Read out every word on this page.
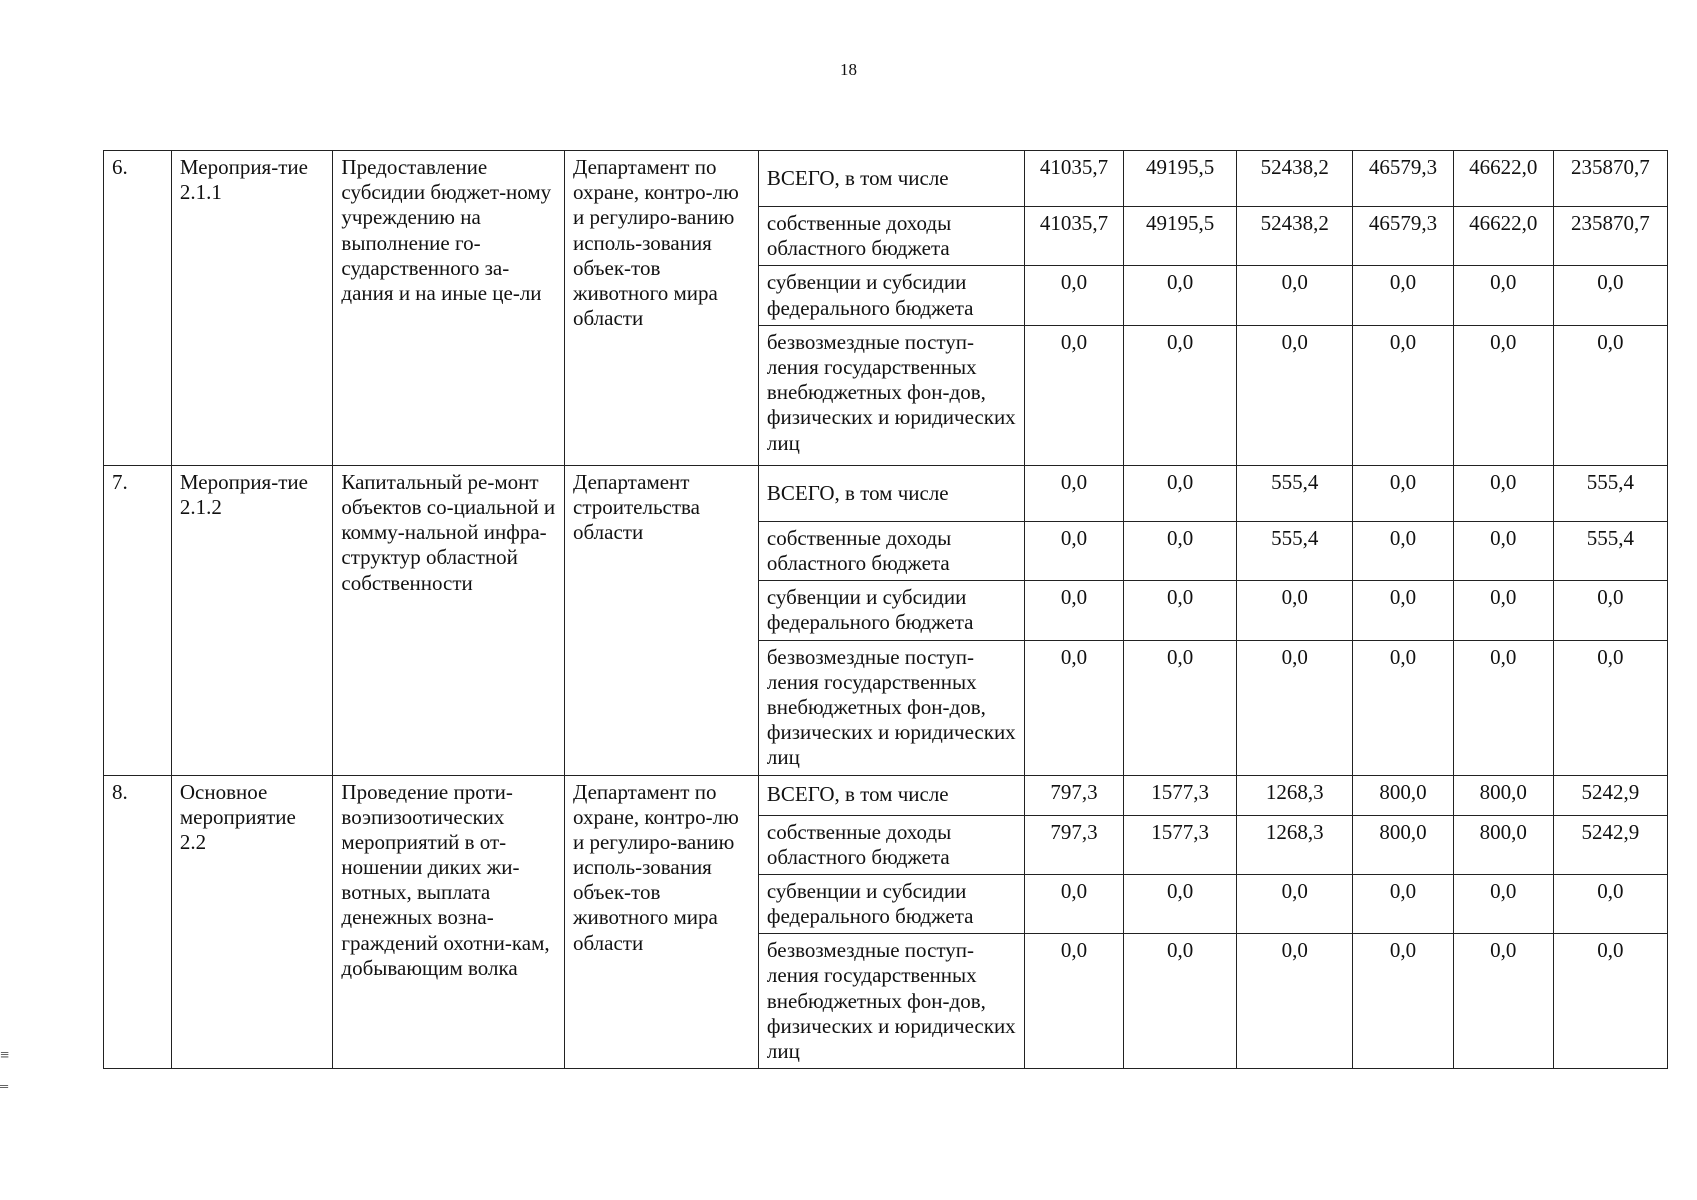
18
6.	Мероприя-тие 2.1.1	Предоставление субсидии бюджет-ному учреждению на выполнение го-сударственного за-дания и на иные це-ли	Департамент по охране, контро-лю и регулиро-ванию исполь-зования объек-тов животного мира области	ВСЕГО, в том числе	41035,7	49195,5	52438,2	46579,3	46622,0	235870,7
				собственные доходы областного бюджета	41035,7	49195,5	52438,2	46579,3	46622,0	235870,7
				субвенции и субсидии федерального бюджета	0,0	0,0	0,0	0,0	0,0	0,0
				безвозмездные поступ-ления государственных внебюджетных фон-дов, физических и юридических лиц	0,0	0,0	0,0	0,0	0,0	0,0
7.	Мероприя-тие 2.1.2	Капитальный ре-монт объектов со-циальной и комму-нальной инфра-структур областной собственности	Департамент строительства области	ВСЕГО, в том числе	0,0	0,0	555,4	0,0	0,0	555,4
				собственные доходы областного бюджета	0,0	0,0	555,4	0,0	0,0	555,4
				субвенции и субсидии федерального бюджета	0,0	0,0	0,0	0,0	0,0	0,0
				безвозмездные поступ-ления государственных внебюджетных фон-дов, физических и юридических лиц	0,0	0,0	0,0	0,0	0,0	0,0
8.	Основное мероприятие 2.2	Проведение проти-воэпизоотических мероприятий в от-ношении диких жи-вотных, выплата денежных возна-граждений охотни-кам, добывающим волка	Департамент по охране, контро-лю и регулиро-ванию исполь-зования объек-тов животного мира области	ВСЕГО, в том числе	797,3	1577,3	1268,3	800,0	800,0	5242,9
				собственные доходы областного бюджета	797,3	1577,3	1268,3	800,0	800,0	5242,9
				субвенции и субсидии федерального бюджета	0,0	0,0	0,0	0,0	0,0	0,0
				безвозмездные поступ-ления государственных внебюджетных фон-дов, физических и юридических лиц	0,0	0,0	0,0	0,0	0,0	0,0
≡

‗
